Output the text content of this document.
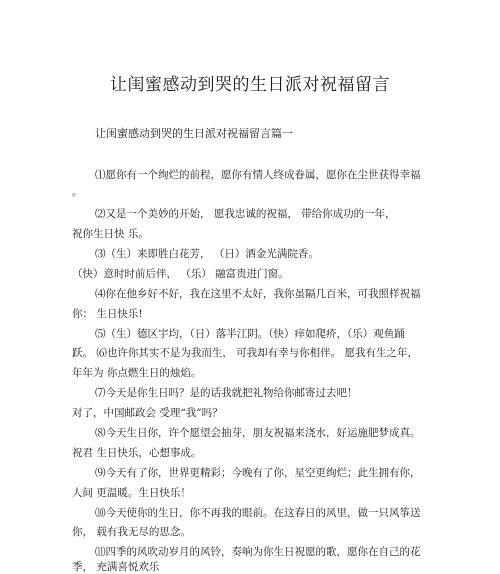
让闺蜜感动到哭的生日派对祝福留言
让闺蜜感动到哭的生日派对祝福留言篇一
⑴愿你有一个绚烂的前程，愿你有情人终成眷属，愿你在尘世获得幸福
。
⑵又是一个美妙的开始， 愿我忠诚的祝福， 带给你成功的一年，
祝你生日快 乐。
⑶（生）来即胜白花芳， （日）洒金光满院香。
（快）意时时前后伴， （乐） 融富贵进门窗。
⑷你在他乡好不好，我在这里不太好，我你虽隔几百米，可我照样祝福
你： 生日快乐!
⑸（生）德区宇均，（日）落半江阴。（快）痒如爬疥，（乐）观鱼踊
跃。 ⑹也许你其实不是为我而生， 可我却有幸与你相伴。 愿我有生之年，
年年为 你点燃生日的烛焰。
⑺今天是你生日吗？是的话我就把礼物给你邮寄过去吧！
对了，中国邮政会 受理“我”吗？
⑻今天生日你，许个愿望会抽芽，朋友祝福来浇水，好运施肥梦成真。
祝君 生日快乐，心想事成。
⑼今天有了你，世界更精彩；今晚有了你，星空更绚烂；此生拥有你，
人间 更温暖。生日快乐！
⑽今天使你的生日，你不再我的眼前。在这春日的风里，做一只风筝送
你， 载有我无尽的思念。
⑾四季的风吹动岁月的风铃，奏响为你生日祝愿的歌，愿你在自己的花
季， 充满喜悦欢乐
